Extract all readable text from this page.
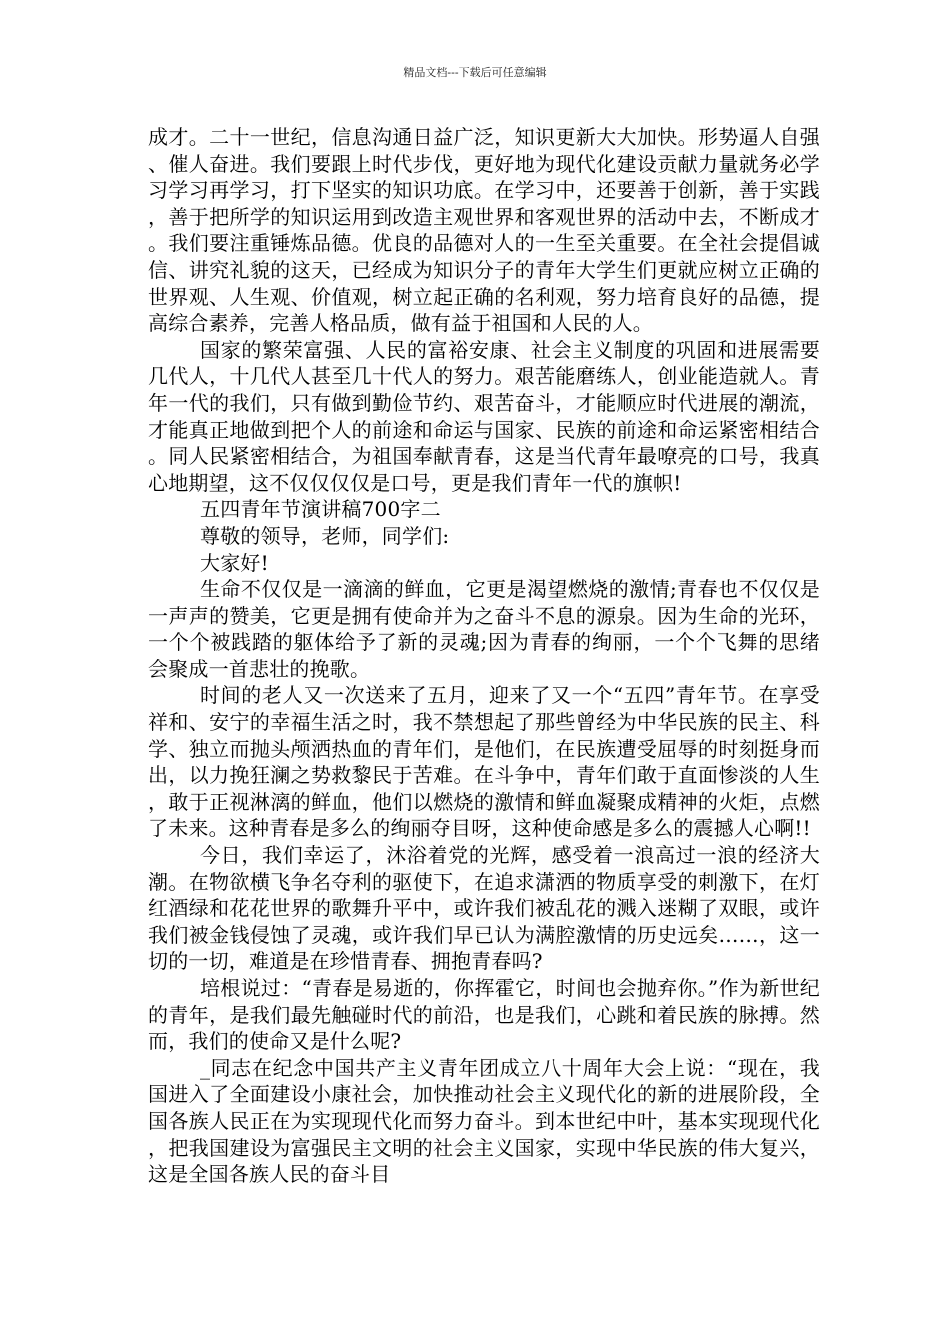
精品文档---下载后可任意编辑

成才。二十一世纪，信息沟通日益广泛，知识更新大大加快。形势逼人自强、催人奋进。我们要跟上时代步伐，更好地为现代化建设贡献力量就务必学习学习再学习，打下坚实的知识功底。在学习中，还要善于创新，善于实践，善于把所学的知识运用到改造主观世界和客观世界的活动中去，不断成才。我们要注重锤炼品德。优良的品德对人的一生至关重要。在全社会提倡诚信、讲究礼貌的这天，已经成为知识分子的青年大学生们更就应树立正确的世界观、人生观、价值观，树立起正确的名利观，努力培育良好的品德，提高综合素养，完善人格品质，做有益于祖国和人民的人。

国家的繁荣富强、人民的富裕安康、社会主义制度的巩固和进展需要几代人，十几代人甚至几十代人的努力。艰苦能磨练人，创业能造就人。青年一代的我们，只有做到勤俭节约、艰苦奋斗，才能顺应时代进展的潮流，才能真正地做到把个人的前途和命运与国家、民族的前途和命运紧密相结合。同人民紧密相结合，为祖国奉献青春，这是当代青年最嘹亮的口号，我真心地期望，这不仅仅仅仅是口号，更是我们青年一代的旗帜!

五四青年节演讲稿700字二

尊敬的领导，老师，同学们:

大家好!

生命不仅仅是一滴滴的鲜血，它更是渴望燃烧的激情;青春也不仅仅是一声声的赞美，它更是拥有使命并为之奋斗不息的源泉。因为生命的光环，一个个被践踏的躯体给予了新的灵魂;因为青春的绚丽，一个个飞舞的思绪会聚成一首悲壮的挽歌。

时间的老人又一次送来了五月，迎来了又一个“五四”青年节。在享受祥和、安宁的幸福生活之时，我不禁想起了那些曾经为中华民族的民主、科学、独立而抛头颅洒热血的青年们，是他们，在民族遭受屈辱的时刻挺身而出，以力挽狂澜之势救黎民于苦难。在斗争中，青年们敢于直面惨淡的人生，敢于正视淋漓的鲜血，他们以燃烧的激情和鲜血凝聚成精神的火炬，点燃了未来。这种青春是多么的绚丽夺目呀，这种使命感是多么的震撼人心啊!!

今日，我们幸运了，沐浴着党的光辉，感受着一浪高过一浪的经济大潮。在物欲横飞争名夺利的驱使下，在追求潇洒的物质享受的刺激下，在灯红酒绿和花花世界的歌舞升平中，或许我们被乱花的溅入迷糊了双眼，或许我们被金钱侵蚀了灵魂，或许我们早已认为满腔激情的历史远矣……，这一切的一切，难道是在珍惜青春、拥抱青春吗?

培根说过：“青春是易逝的，你挥霍它，时间也会抛弃你。”作为新世纪的青年，是我们最先触碰时代的前沿，也是我们，心跳和着民族的脉搏。然而，我们的使命又是什么呢?

_同志在纪念中国共产主义青年团成立八十周年大会上说：“现在，我国进入了全面建设小康社会，加快推动社会主义现代化的新的进展阶段，全国各族人民正在为实现现代化而努力奋斗。到本世纪中叶，基本实现现代化，把我国建设为富强民主文明的社会主义国家，实现中华民族的伟大复兴，这是全国各族人民的奋斗目
